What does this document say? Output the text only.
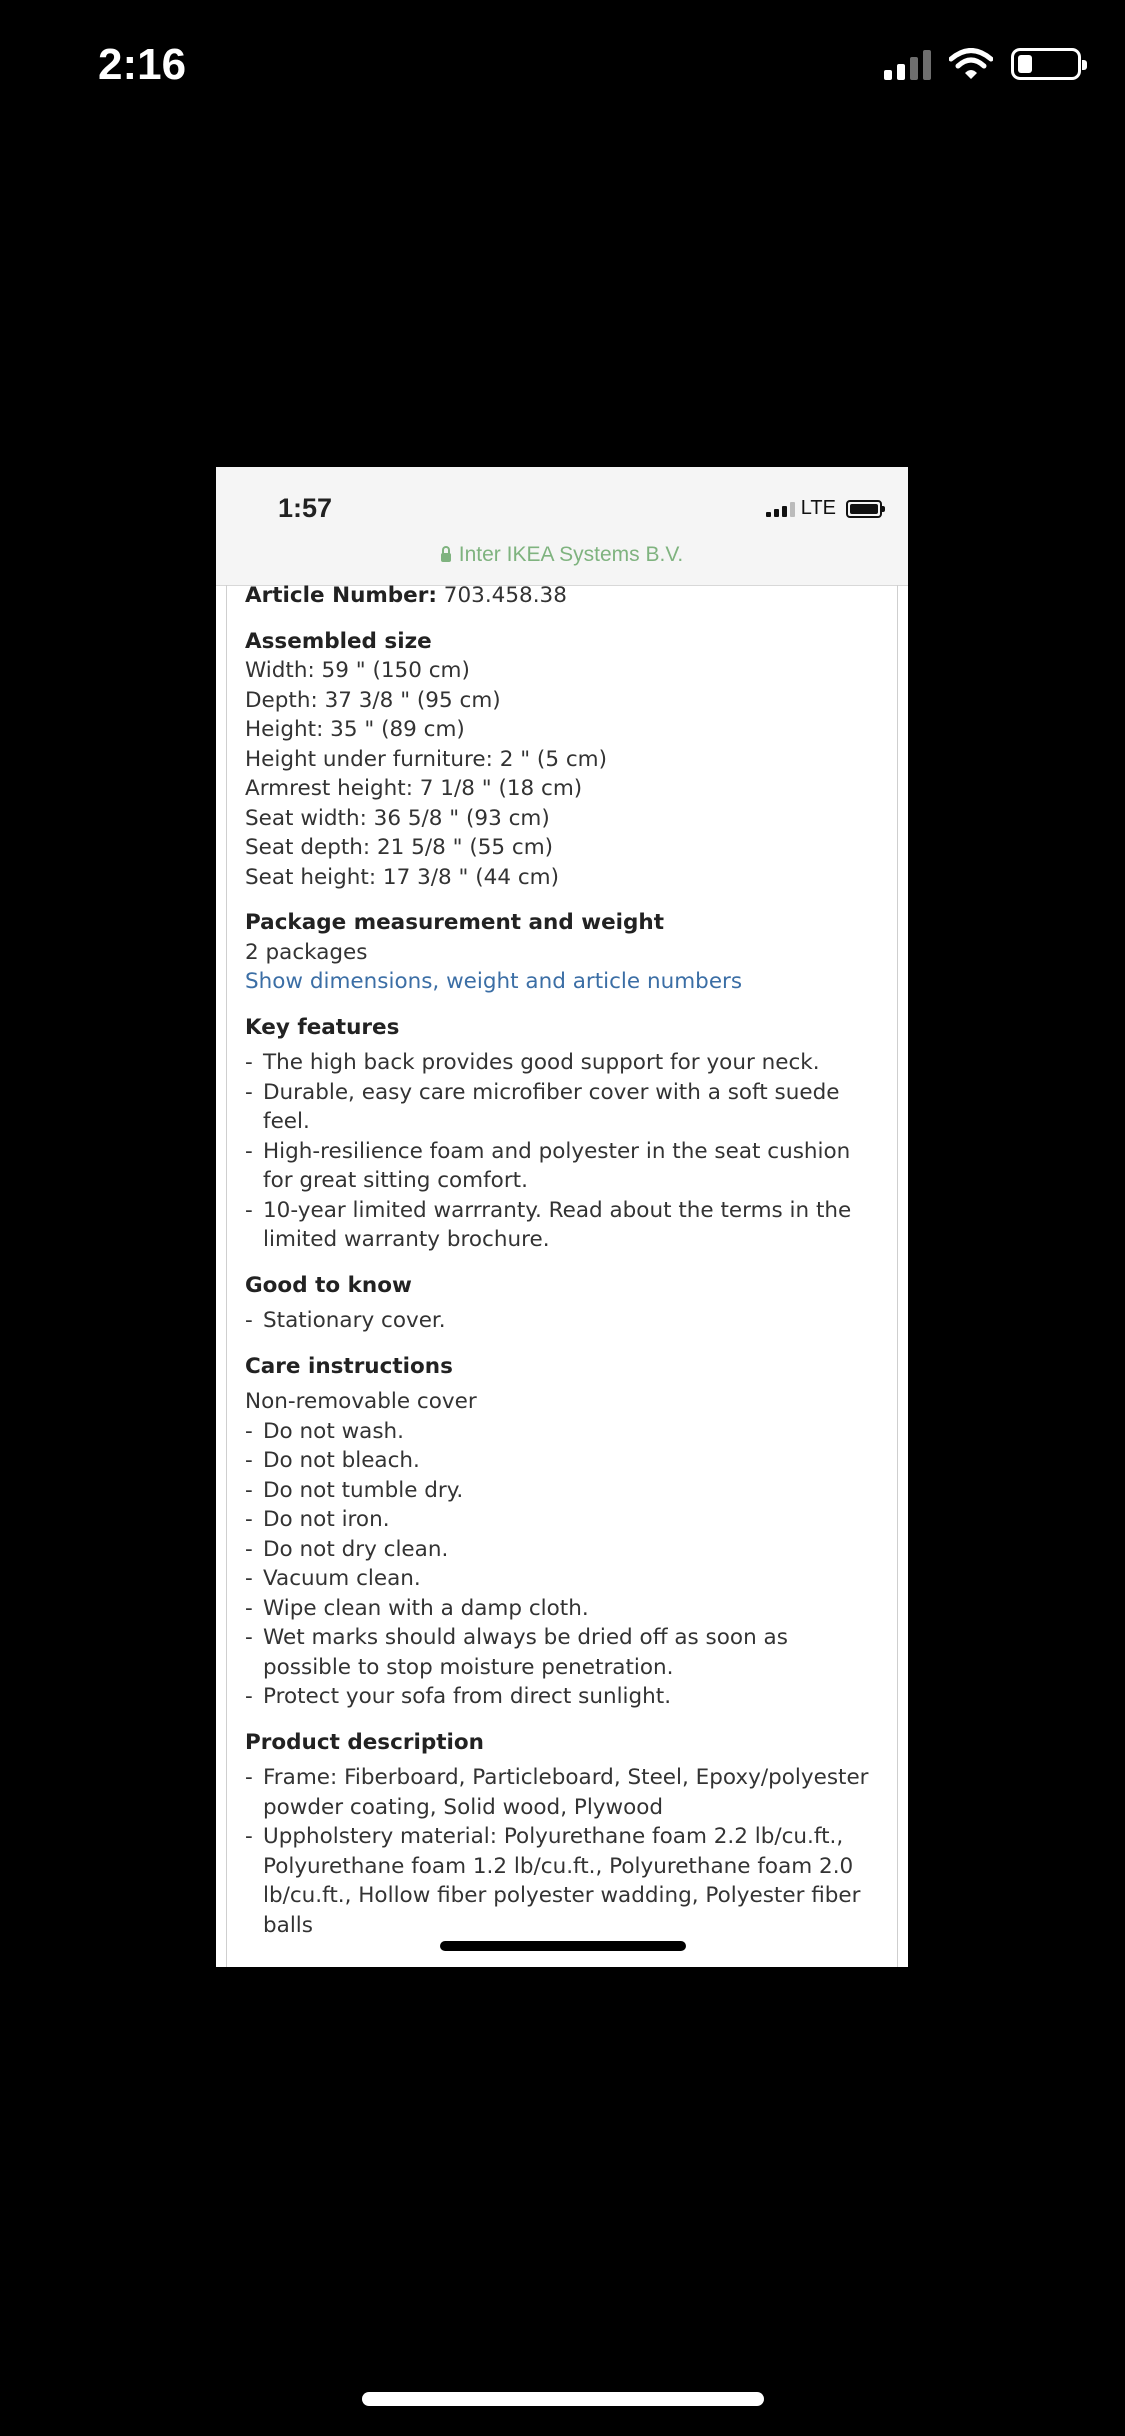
2:16
1:57	LTE
Inter IKEA Systems B.V.
Article Number: 703.458.38
Assembled size
Width: 59 " (150 cm)
Depth: 37 3/8 " (95 cm)
Height: 35 " (89 cm)
Height under furniture: 2 " (5 cm)
Armrest height: 7 1/8 " (18 cm)
Seat width: 36 5/8 " (93 cm)
Seat depth: 21 5/8 " (55 cm)
Seat height: 17 3/8 " (44 cm)
Package measurement and weight
2 packages
Show dimensions, weight and article numbers
Key features
- The high back provides good support for your neck.
- Durable, easy care microfiber cover with a soft suede feel.
- High-resilience foam and polyester in the seat cushion for great sitting comfort.
- 10-year limited warrranty. Read about the terms in the limited warranty brochure.
Good to know
- Stationary cover.
Care instructions
Non-removable cover
- Do not wash.
- Do not bleach.
- Do not tumble dry.
- Do not iron.
- Do not dry clean.
- Vacuum clean.
- Wipe clean with a damp cloth.
- Wet marks should always be dried off as soon as possible to stop moisture penetration.
- Protect your sofa from direct sunlight.
Product description
- Frame: Fiberboard, Particleboard, Steel, Epoxy/polyester powder coating, Solid wood, Plywood
- Uppholstery material: Polyurethane foam 2.2 lb/cu.ft., Polyurethane foam 1.2 lb/cu.ft., Polyurethane foam 2.0 lb/cu.ft., Hollow fiber polyester wadding, Polyester fiber balls
